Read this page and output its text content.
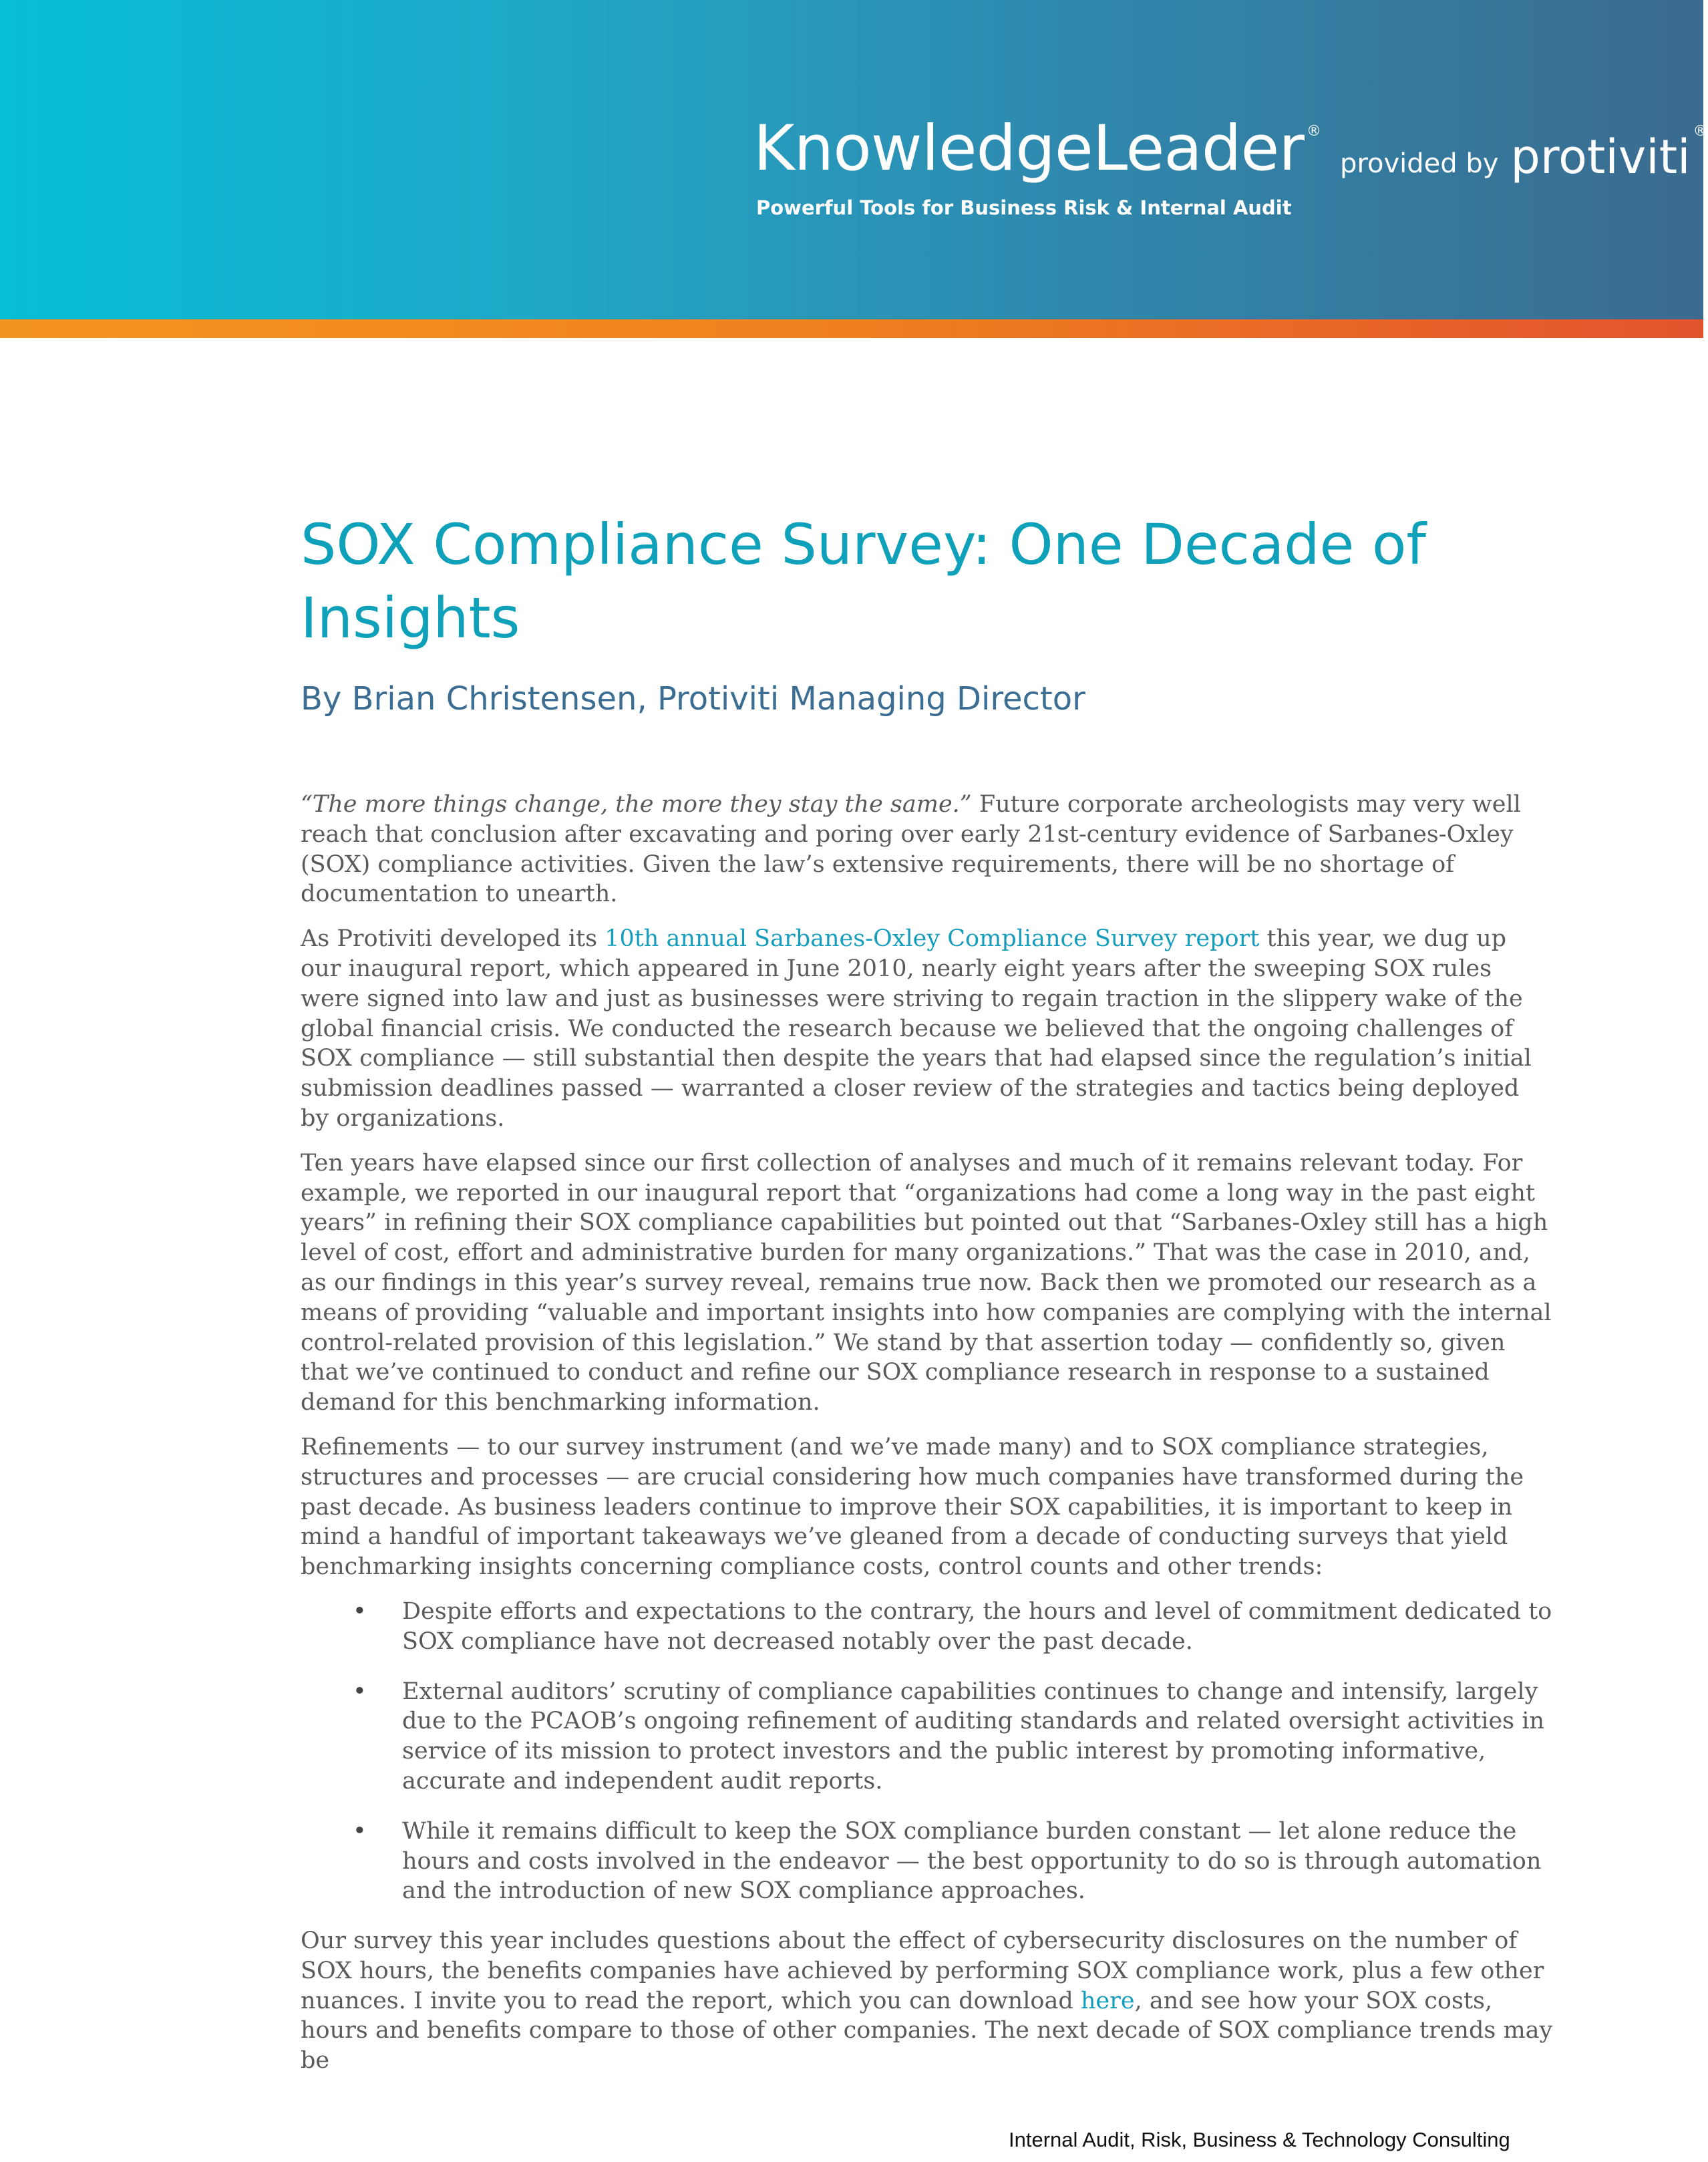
KnowledgeLeader ®
provided by protiviti ®
Powerful Tools for Business Risk & Internal Audit
SOX Compliance Survey: One Decade of Insights
By Brian Christensen, Protiviti Managing Director

“The more things change, the more they stay the same.” Future corporate archeologists may very well reach that conclusion after excavating and poring over early 21st-century evidence of Sarbanes-Oxley (SOX) compliance activities. Given the law’s extensive requirements, there will be no shortage of documentation to unearth.

As Protiviti developed its 10th annual Sarbanes-Oxley Compliance Survey report this year, we dug up our inaugural report, which appeared in June 2010, nearly eight years after the sweeping SOX rules were signed into law and just as businesses were striving to regain traction in the slippery wake of the global financial crisis. We conducted the research because we believed that the ongoing challenges of SOX compliance — still substantial then despite the years that had elapsed since the regulation’s initial submission deadlines passed — warranted a closer review of the strategies and tactics being deployed by organizations.

Ten years have elapsed since our first collection of analyses and much of it remains relevant today. For example, we reported in our inaugural report that “organizations had come a long way in the past eight years” in refining their SOX compliance capabilities but pointed out that “Sarbanes-Oxley still has a high level of cost, effort and administrative burden for many organizations.” That was the case in 2010, and, as our findings in this year’s survey reveal, remains true now. Back then we promoted our research as a means of providing “valuable and important insights into how companies are complying with the internal control-related provision of this legislation.” We stand by that assertion today — confidently so, given that we’ve continued to conduct and refine our SOX compliance research in response to a sustained demand for this benchmarking information.

Refinements — to our survey instrument (and we’ve made many) and to SOX compliance strategies, structures and processes — are crucial considering how much companies have transformed during the past decade. As business leaders continue to improve their SOX capabilities, it is important to keep in mind a handful of important takeaways we’ve gleaned from a decade of conducting surveys that yield benchmarking insights concerning compliance costs, control counts and other trends:

• Despite efforts and expectations to the contrary, the hours and level of commitment dedicated to SOX compliance have not decreased notably over the past decade.
• External auditors’ scrutiny of compliance capabilities continues to change and intensify, largely due to the PCAOB’s ongoing refinement of auditing standards and related oversight activities in service of its mission to protect investors and the public interest by promoting informative, accurate and independent audit reports.
• While it remains difficult to keep the SOX compliance burden constant — let alone reduce the hours and costs involved in the endeavor — the best opportunity to do so is through automation and the introduction of new SOX compliance approaches.

Our survey this year includes questions about the effect of cybersecurity disclosures on the number of SOX hours, the benefits companies have achieved by performing SOX compliance work, plus a few other nuances. I invite you to read the report, which you can download here, and see how your SOX costs, hours and benefits compare to those of other companies. The next decade of SOX compliance trends may be

Internal Audit, Risk, Business & Technology Consulting
